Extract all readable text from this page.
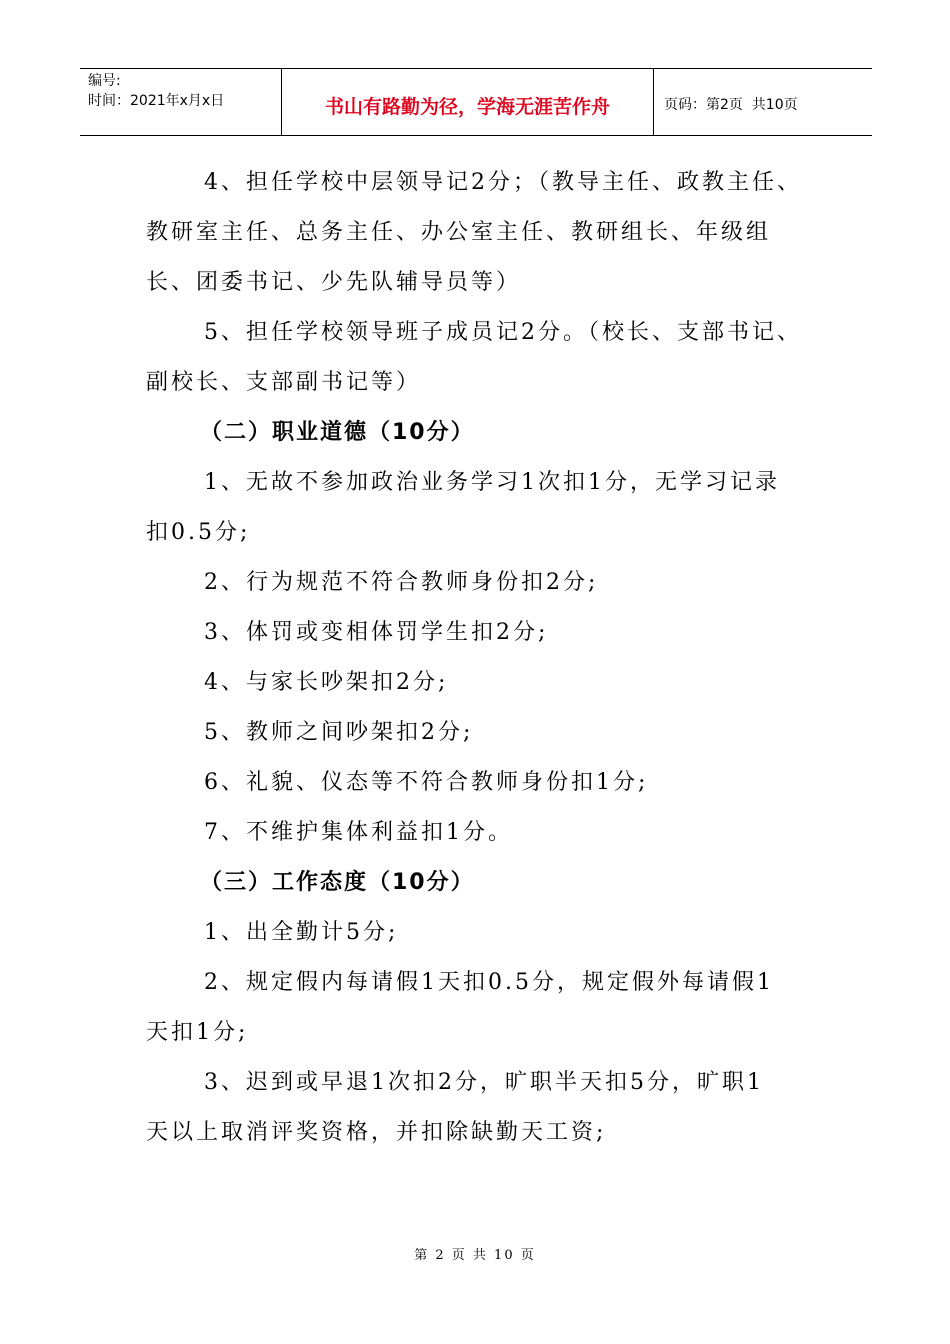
编号:
时间：2021年x月x日	书山有路勤为径，学海无涯苦作舟	页码：第2页  共10页
4、担任学校中层领导记2分；（教导主任、政教主任、
教研室主任、总务主任、办公室主任、教研组长、年级组
长、团委书记、少先队辅导员等）
5、担任学校领导班子成员记2分。（校长、支部书记、
副校长、支部副书记等）
（二）职业道德（10分）
1、无故不参加政治业务学习1次扣1分，无学习记录
扣0.5分;
2、行为规范不符合教师身份扣2分;
3、体罚或变相体罚学生扣2分;
4、与家长吵架扣2分;
5、教师之间吵架扣2分;
6、礼貌、仪态等不符合教师身份扣1分;
7、不维护集体利益扣1分。
（三）工作态度（10分）
1、出全勤计5分;
2、规定假内每请假1天扣0.5分，规定假外每请假1
天扣1分;
3、迟到或早退1次扣2分，旷职半天扣5分，旷职1
天以上取消评奖资格，并扣除缺勤天工资;
第 2 页 共 10 页
